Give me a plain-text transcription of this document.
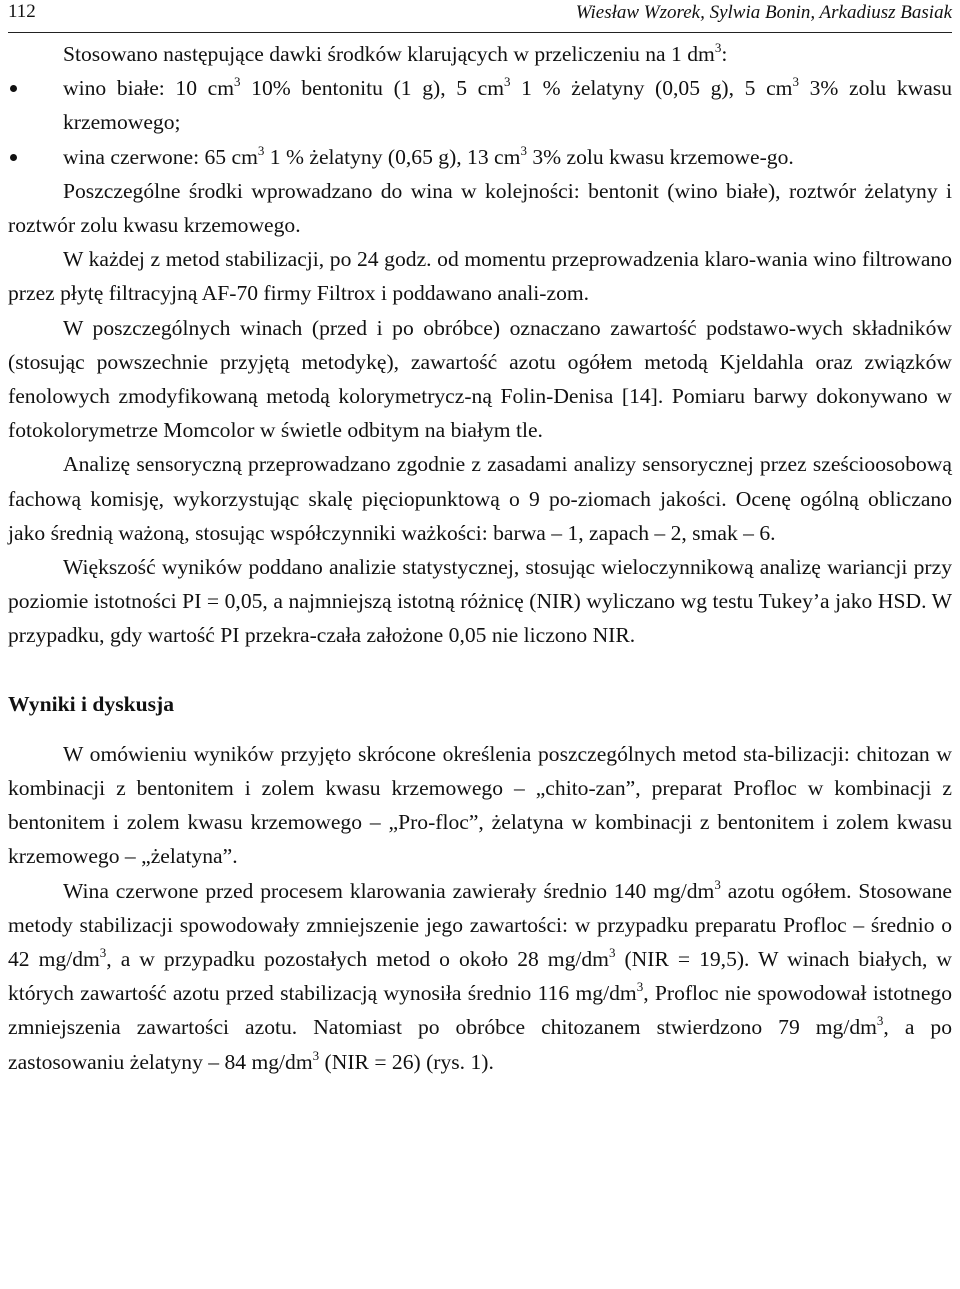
112	Wiesław Wzorek, Sylwia Bonin, Arkadiusz Basiak

Stosowano następujące dawki środków klarujących w przeliczeniu na 1 $dm^3$:

wino białe: 10 $cm^3$ 10% bentonitu (1 g), 5 $cm^3$ 1 % żelatyny (0,05 g), 5 $cm^3$ 3% zolu kwasu krzemowego;
wina czerwone: 65 $cm^3$ 1 % żelatyny (0,65 g), 13 $cm^3$ 3% zolu kwasu krzemowe-go.

Poszczególne środki wprowadzano do wina w kolejności: bentonit (wino białe), roztwór żelatyny i roztwór zolu kwasu krzemowego.

W każdej z metod stabilizacji, po 24 godz. od momentu przeprowadzenia klaro-wania wino filtrowano przez płytę filtracyjną AF-70 firmy Filtrox i poddawano anali-zom.

W poszczególnych winach (przed i po obróbce) oznaczano zawartość podstawo-wych składników (stosując powszechnie przyjętą metodykę), zawartość azotu ogółem metodą Kjeldahla oraz związków fenolowych zmodyfikowaną metodą kolorymetrycz-ną Folin-Denisa [14]. Pomiaru barwy dokonywano w fotokolorymetrze Momcolor w świetle odbitym na białym tle.

Analizę sensoryczną przeprowadzano zgodnie z zasadami analizy sensorycznej przez sześcioosobową fachową komisję, wykorzystując skalę pięciopunktową o 9 po-ziomach jakości. Ocenę ogólną obliczano jako średnią ważoną, stosując współczynniki ważkości: barwa – 1, zapach – 2, smak – 6.

Większość wyników poddano analizie statystycznej, stosując wieloczynnikową analizę wariancji przy poziomie istotności PI = 0,05, a najmniejszą istotną różnicę (NIR) wyliczano wg testu Tukey’a jako HSD. W przypadku, gdy wartość PI przekra-czała założone 0,05 nie liczono NIR.

Wyniki i dyskusja

W omówieniu wyników przyjęto skrócone określenia poszczególnych metod sta-bilizacji: chitozan w kombinacji z bentonitem i zolem kwasu krzemowego – „chito-zan”, preparat Profloc w kombinacji z bentonitem i zolem kwasu krzemowego – „Pro-floc”, żelatyna w kombinacji z bentonitem i zolem kwasu krzemowego – „żelatyna”.

Wina czerwone przed procesem klarowania zawierały średnio 140 $mg/dm^3$ azotu ogółem. Stosowane metody stabilizacji spowodowały zmniejszenie jego zawartości: w przypadku preparatu Profloc – średnio o 42 $mg/dm^3$, a w przypadku pozostałych metod o około 28 $mg/dm^3$ (NIR = 19,5). W winach białych, w których zawartość azotu przed stabilizacją wynosiła średnio 116 $mg/dm^3$, Profloc nie spowodował istotnego zmniejszenia zawartości azotu. Natomiast po obróbce chitozanem stwierdzono 79 $mg/dm^3$, a po zastosowaniu żelatyny – 84 $mg/dm^3$ (NIR = 26) (rys. 1).
